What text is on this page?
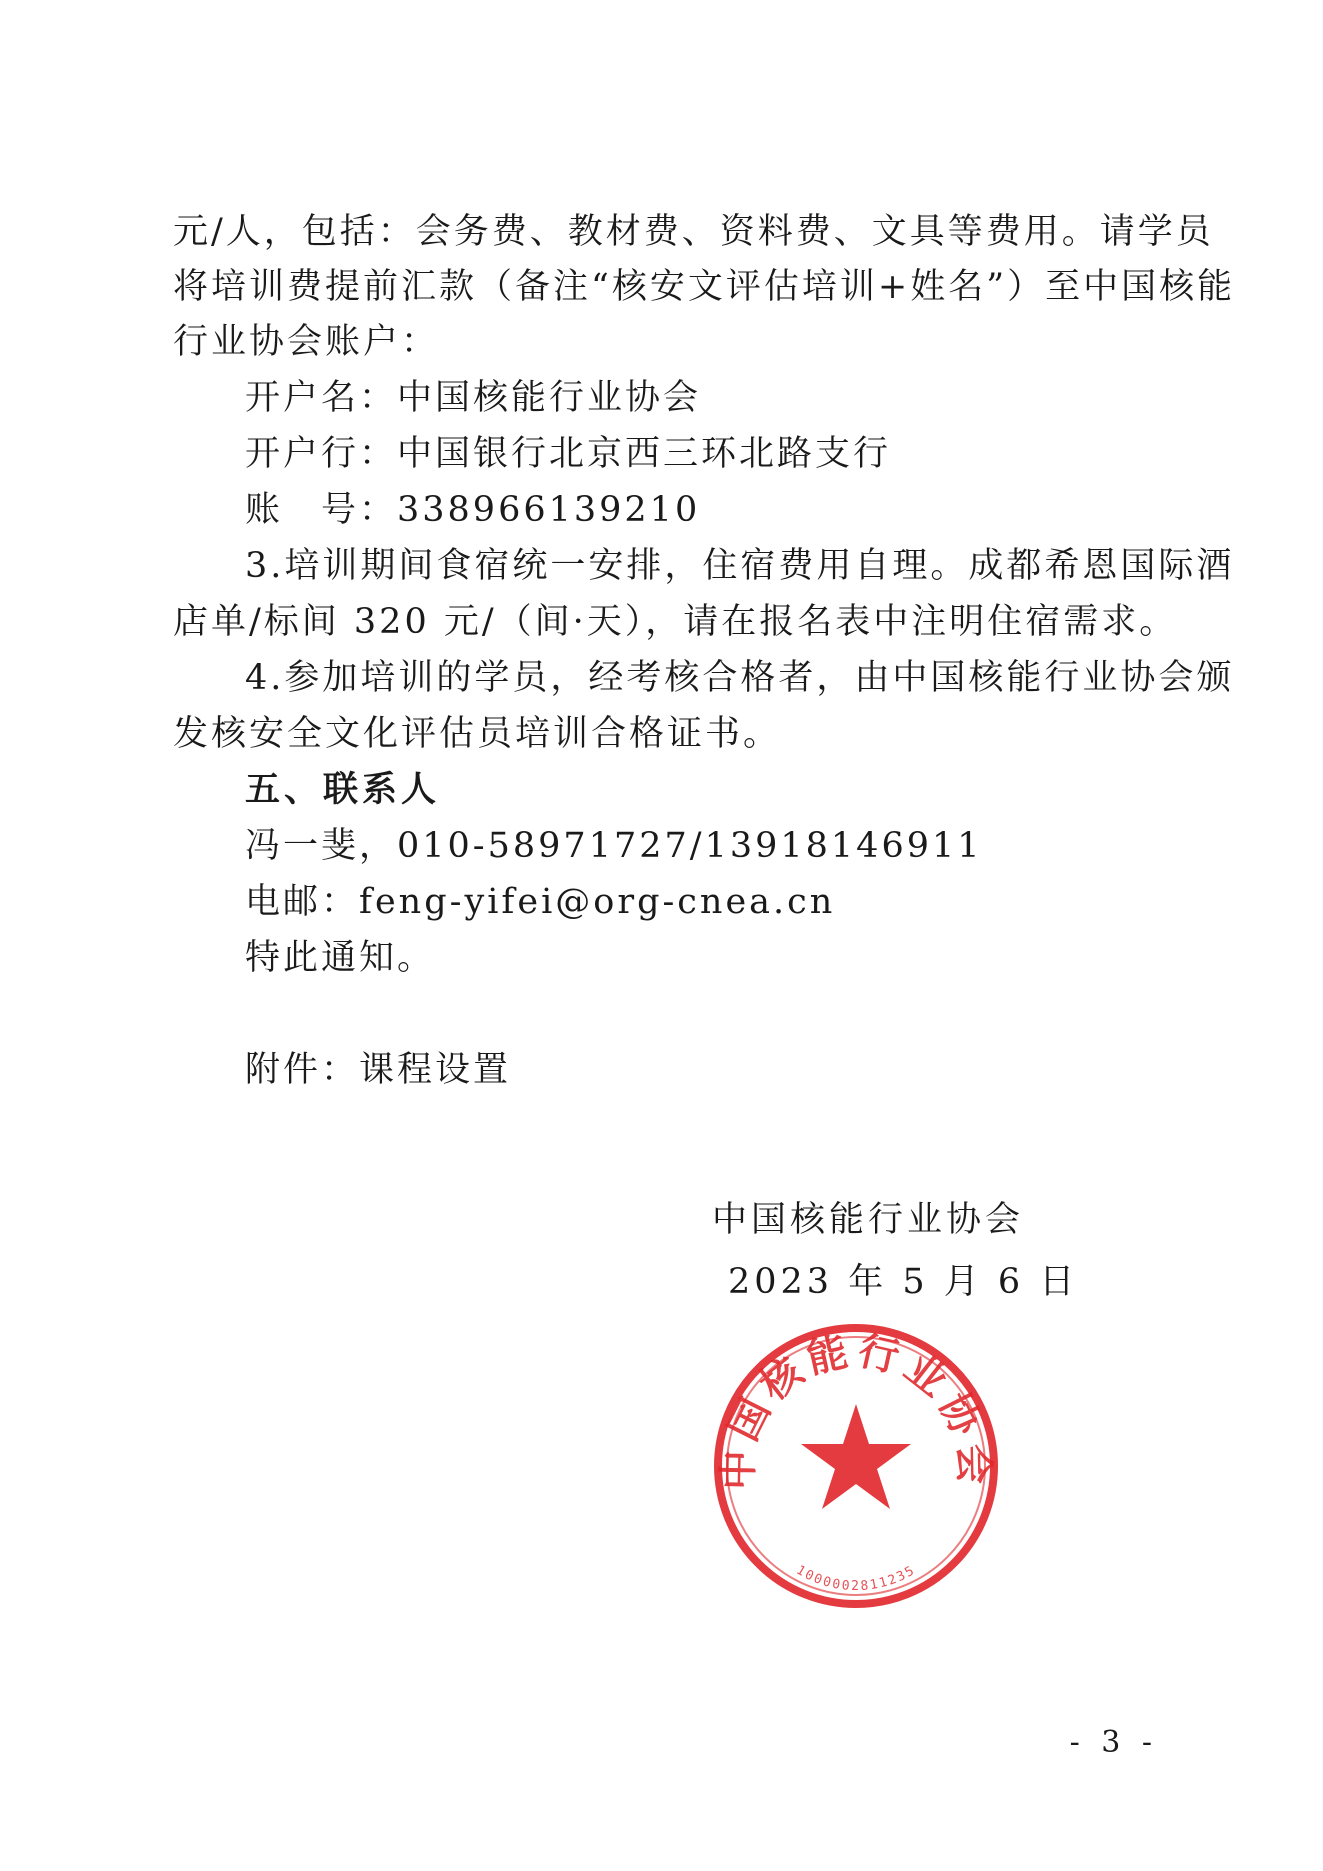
元/人，包括：会务费、教材费、资料费、文具等费用。请学员
将培训费提前汇款（备注“核安文评估培训+姓名”）至中国核能
行业协会账户：
开户名：中国核能行业协会
开户行：中国银行北京西三环北路支行
账　号：338966139210
3.培训期间食宿统一安排，住宿费用自理。成都希恩国际酒
店单/标间 320 元/（间·天），请在报名表中注明住宿需求。
4.参加培训的学员，经考核合格者，由中国核能行业协会颁
发核安全文化评估员培训合格证书。
五、联系人
冯一斐，010-58971727/13918146911
电邮：feng-yifei@org-cnea.cn
特此通知。
附件：课程设置
中国核能行业协会
2023 年 5 月 6 日
中国核能行业协会
1000002811235
- 3 -
